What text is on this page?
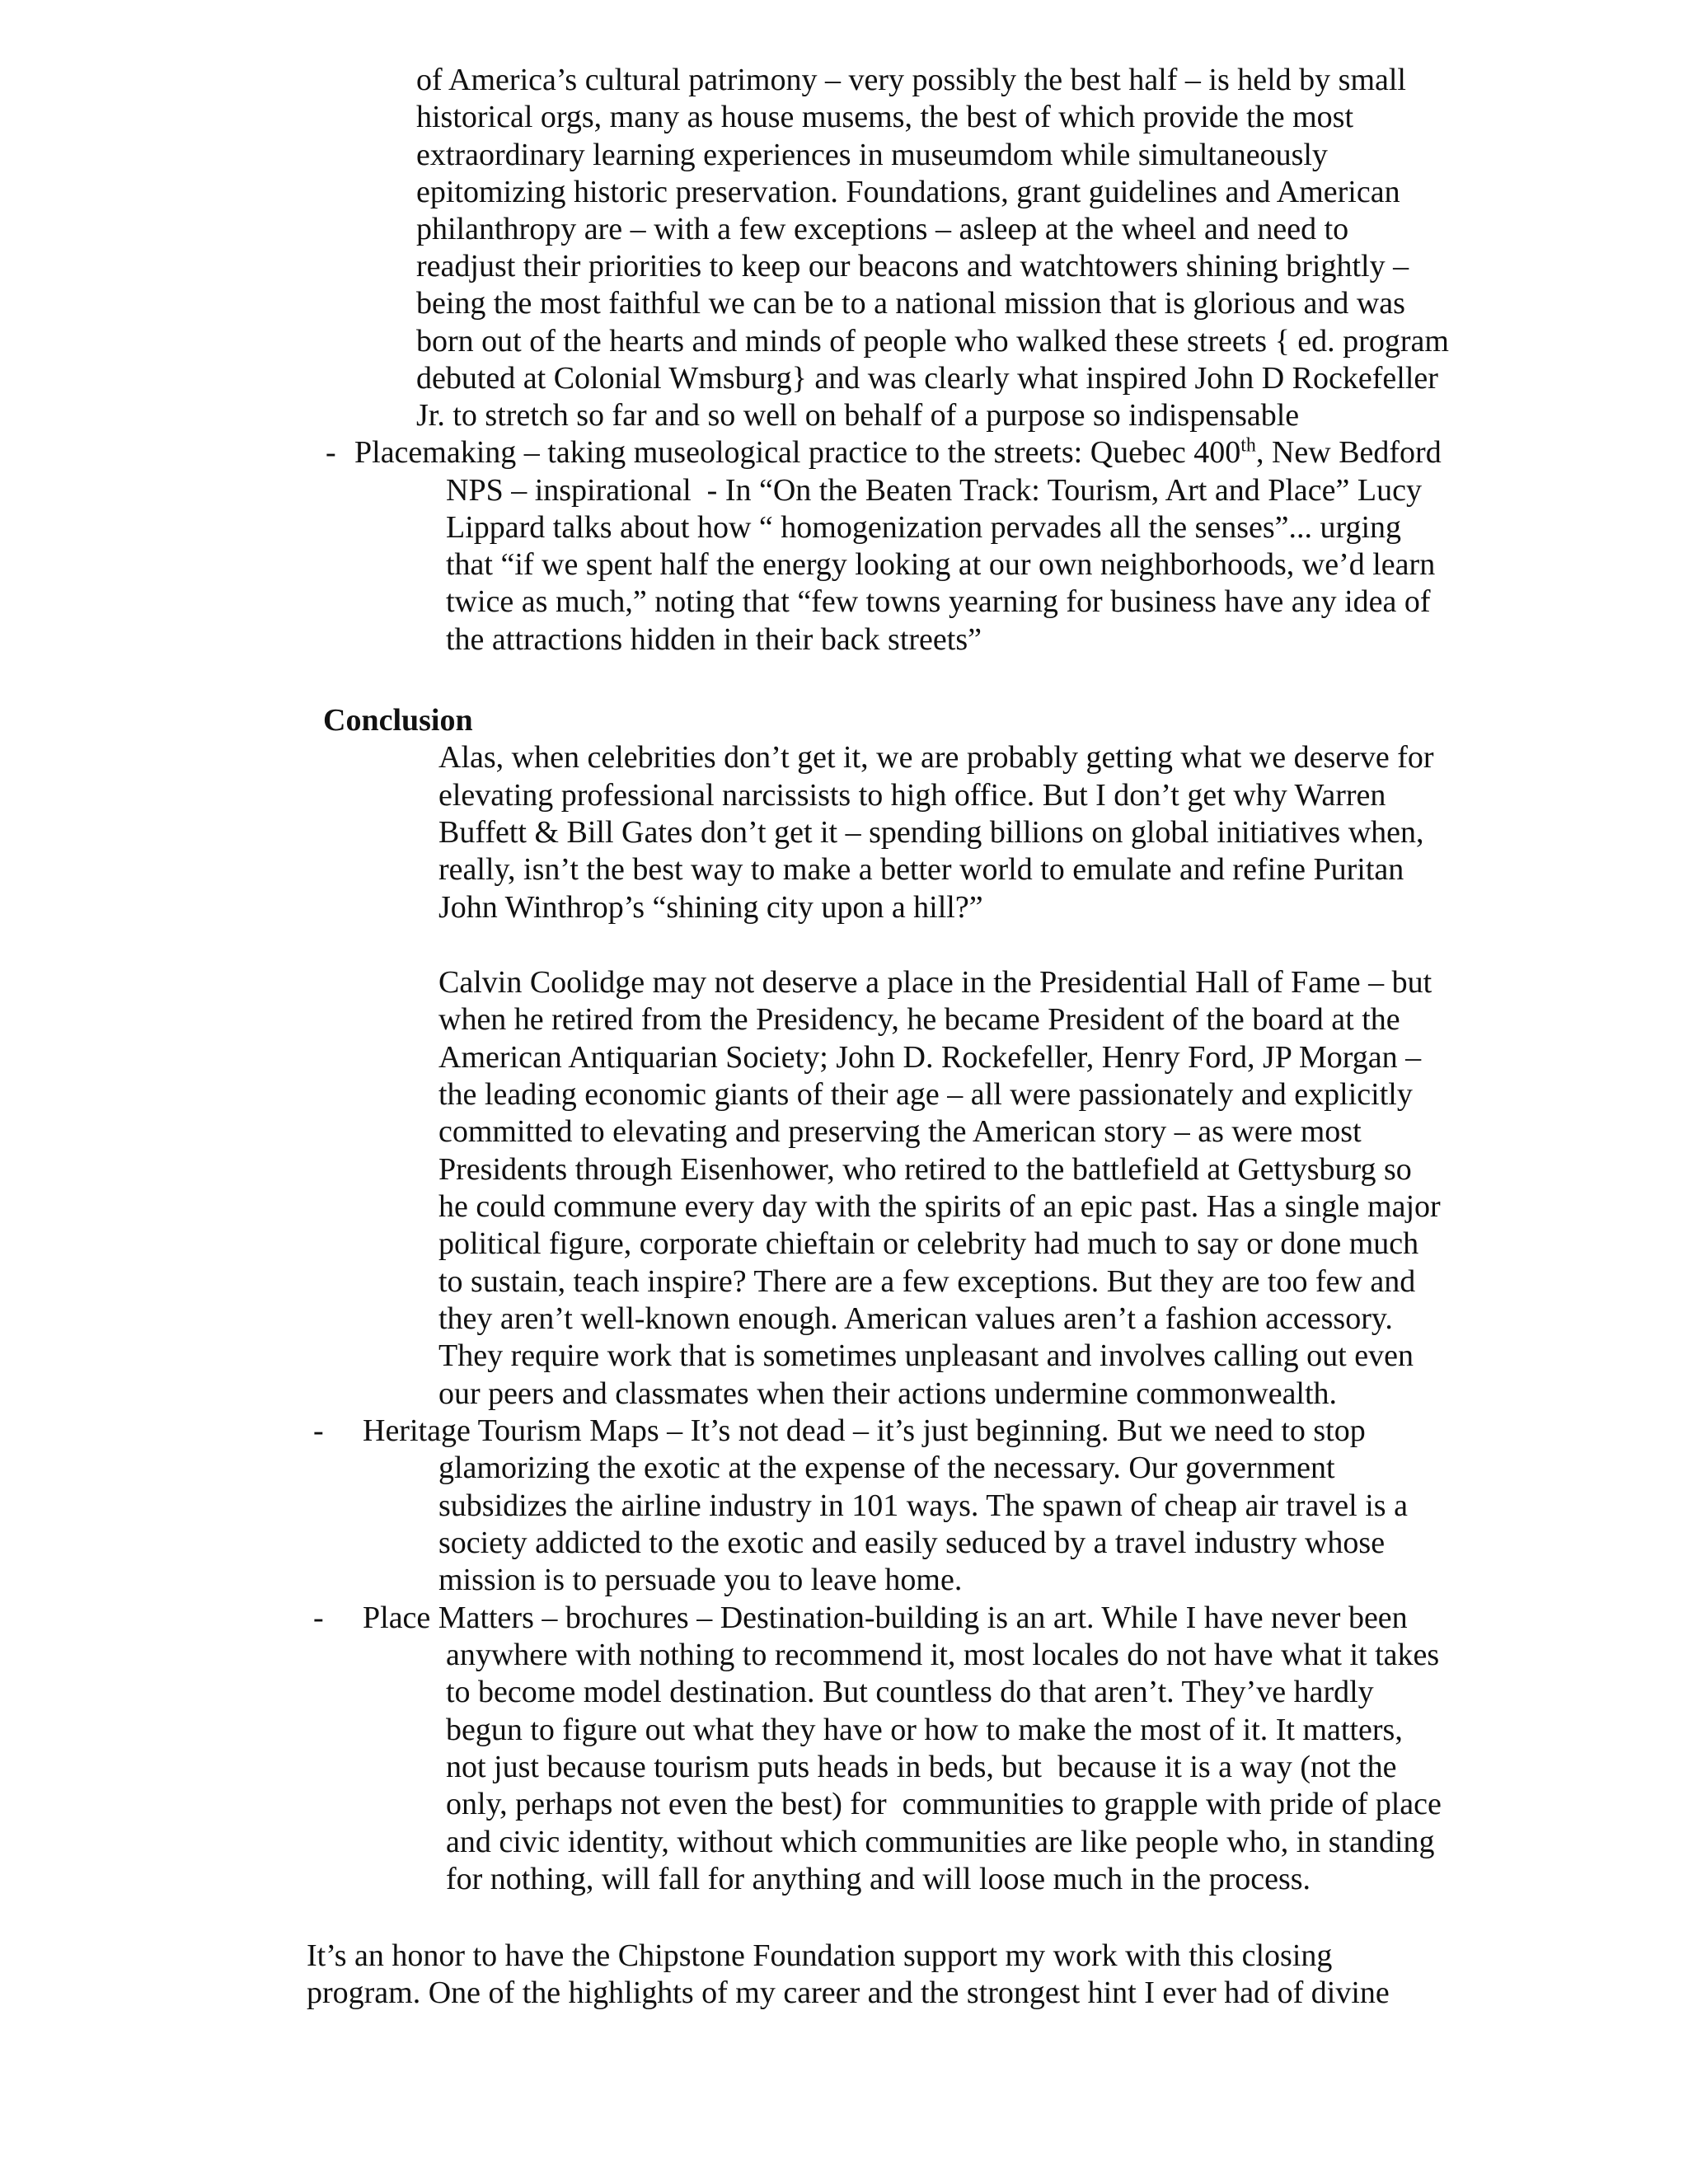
of America’s cultural patrimony – very possibly the best half – is held by small

historical orgs, many as house musems, the best of which provide the most

extraordinary learning experiences in museumdom while simultaneously

epitomizing historic preservation. Foundations, grant guidelines and American

philanthropy are – with a few exceptions – asleep at the wheel and need to

readjust their priorities to keep our beacons and watchtowers shining brightly –

being the most faithful we can be to a national mission that is glorious and was

born out of the hearts and minds of people who walked these streets { ed. program

debuted at Colonial Wmsburg} and was clearly what inspired John D Rockefeller

Jr. to stretch so far and so well on behalf of a purpose so indispensable

- Placemaking – taking museological practice to the streets: Quebec 400th, New Bedford

NPS – inspirational  - In “On the Beaten Track: Tourism, Art and Place” Lucy

Lippard talks about how “ homogenization pervades all the senses”... urging

that “if we spent half the energy looking at our own neighborhoods, we’d learn

twice as much,” noting that “few towns yearning for business have any idea of

the attractions hidden in their back streets”

Conclusion

Alas, when celebrities don’t get it, we are probably getting what we deserve for

elevating professional narcissists to high office. But I don’t get why Warren

Buffett & Bill Gates don’t get it – spending billions on global initiatives when,

really, isn’t the best way to make a better world to emulate and refine Puritan

John Winthrop’s “shining city upon a hill?”

Calvin Coolidge may not deserve a place in the Presidential Hall of Fame – but

when he retired from the Presidency, he became President of the board at the

American Antiquarian Society; John D. Rockefeller, Henry Ford, JP Morgan –

the leading economic giants of their age – all were passionately and explicitly

committed to elevating and preserving the American story – as were most

Presidents through Eisenhower, who retired to the battlefield at Gettysburg so

he could commune every day with the spirits of an epic past. Has a single major

political figure, corporate chieftain or celebrity had much to say or done much

to sustain, teach inspire? There are a few exceptions. But they are too few and

they aren’t well-known enough. American values aren’t a fashion accessory.

They require work that is sometimes unpleasant and involves calling out even

our peers and classmates when their actions undermine commonwealth.

- Heritage Tourism Maps – It’s not dead – it’s just beginning. But we need to stop

glamorizing the exotic at the expense of the necessary. Our government

subsidizes the airline industry in 101 ways. The spawn of cheap air travel is a

society addicted to the exotic and easily seduced by a travel industry whose

mission is to persuade you to leave home.

- Place Matters – brochures – Destination-building is an art. While I have never been

anywhere with nothing to recommend it, most locales do not have what it takes

to become model destination. But countless do that aren’t. They’ve hardly

begun to figure out what they have or how to make the most of it. It matters,

not just because tourism puts heads in beds, but  because it is a way (not the

only, perhaps not even the best) for  communities to grapple with pride of place

and civic identity, without which communities are like people who, in standing

for nothing, will fall for anything and will loose much in the process.

It’s an honor to have the Chipstone Foundation support my work with this closing

program. One of the highlights of my career and the strongest hint I ever had of divine
